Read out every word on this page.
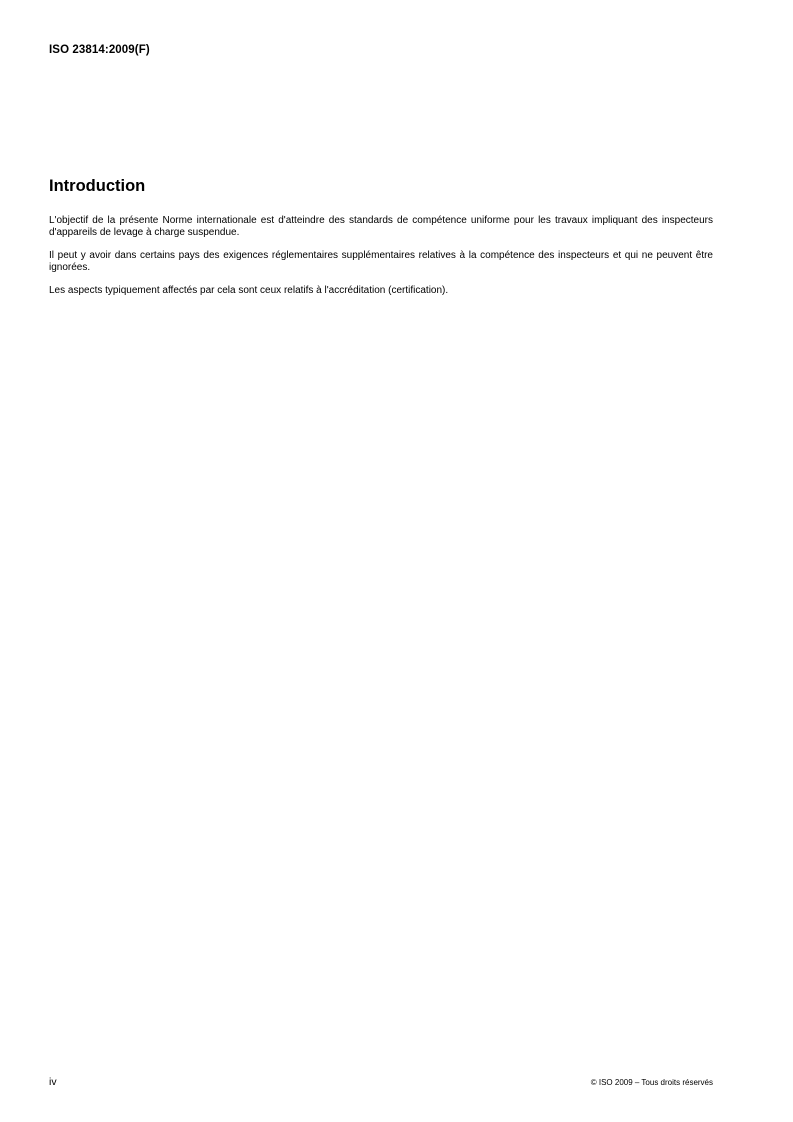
ISO 23814:2009(F)
Introduction

L'objectif de la présente Norme internationale est d'atteindre des standards de compétence uniforme pour les travaux impliquant des inspecteurs d'appareils de levage à charge suspendue.

Il peut y avoir dans certains pays des exigences réglementaires supplémentaires relatives à la compétence des inspecteurs et qui ne peuvent être ignorées.

Les aspects typiquement affectés par cela sont ceux relatifs à l'accréditation (certification).

iv	© ISO 2009 – Tous droits réservés
